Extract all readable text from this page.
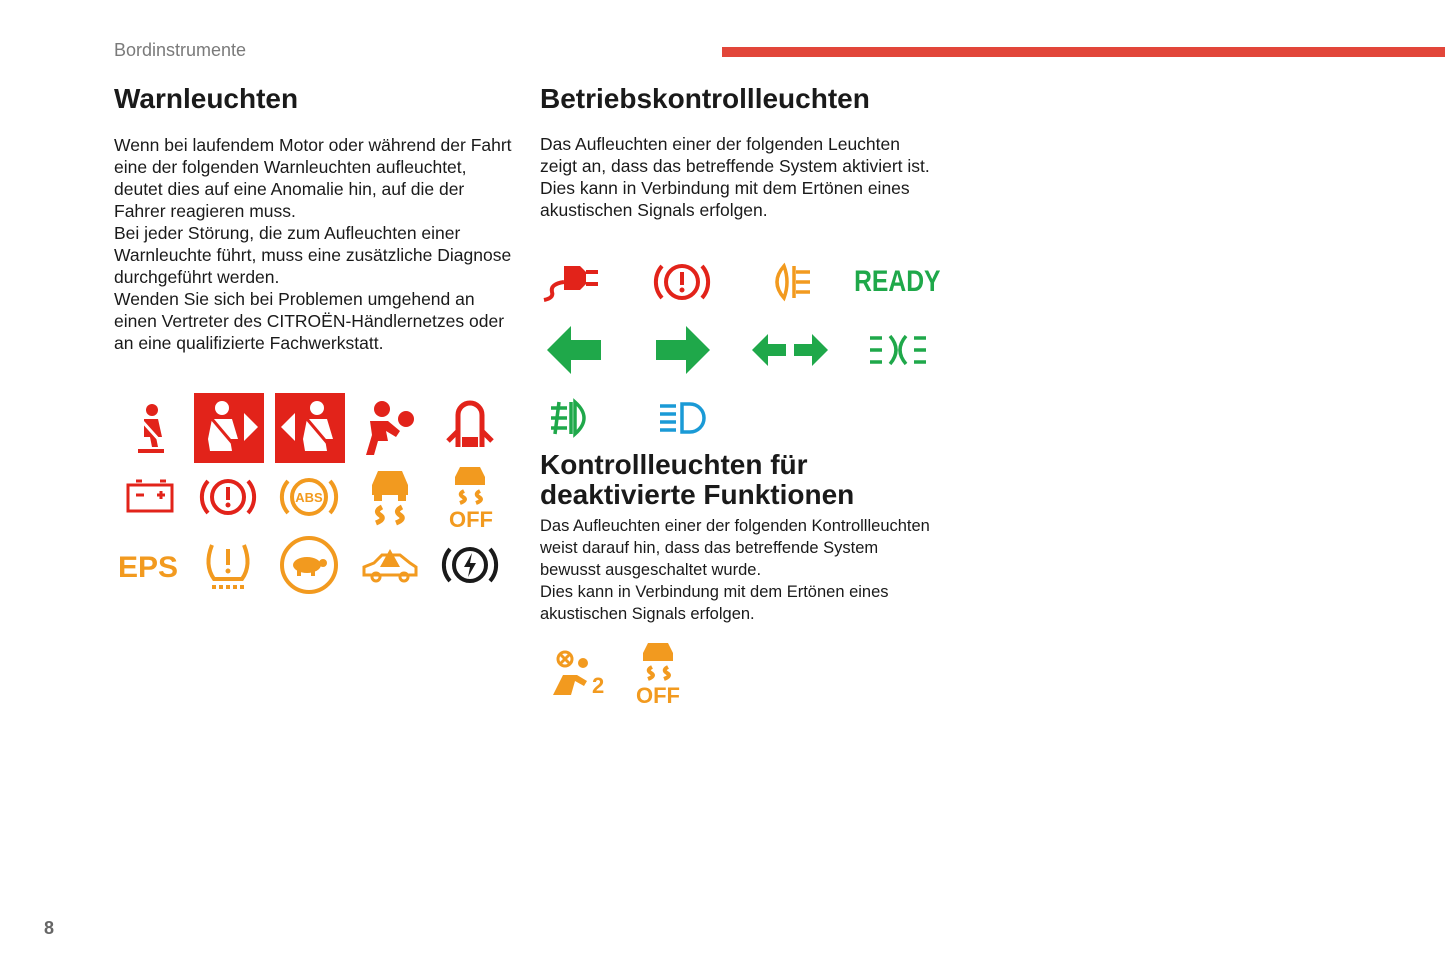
Bordinstrumente
Warnleuchten

Wenn bei laufendem Motor oder während der Fahrt eine der folgenden Warnleuchten aufleuchtet, deutet dies auf eine Anomalie hin, auf die der Fahrer reagieren muss.

Bei jeder Störung, die zum Aufleuchten einer Warnleuchte führt, muss eine zusätzliche Diagnose durchgeführt werden.

Wenden Sie sich bei Problemen umgehend an einen Vertreter des CITROËN-Händlernetzes oder an eine qualifizierte Fachwerkstatt.

ABS
OFF
EPS
Betriebskontrollleuchten

Das Aufleuchten einer der folgenden Leuchten zeigt an, dass das betreffende System aktiviert ist.

Dies kann in Verbindung mit dem Ertönen eines akustischen Signals erfolgen.

READY
Kontrollleuchten für
deaktivierte Funktionen

Das Aufleuchten einer der folgenden Kontrollleuchten weist darauf hin, dass das betreffende System bewusst ausgeschaltet wurde.

Dies kann in Verbindung mit dem Ertönen eines akustischen Signals erfolgen.

2 OFF
8
